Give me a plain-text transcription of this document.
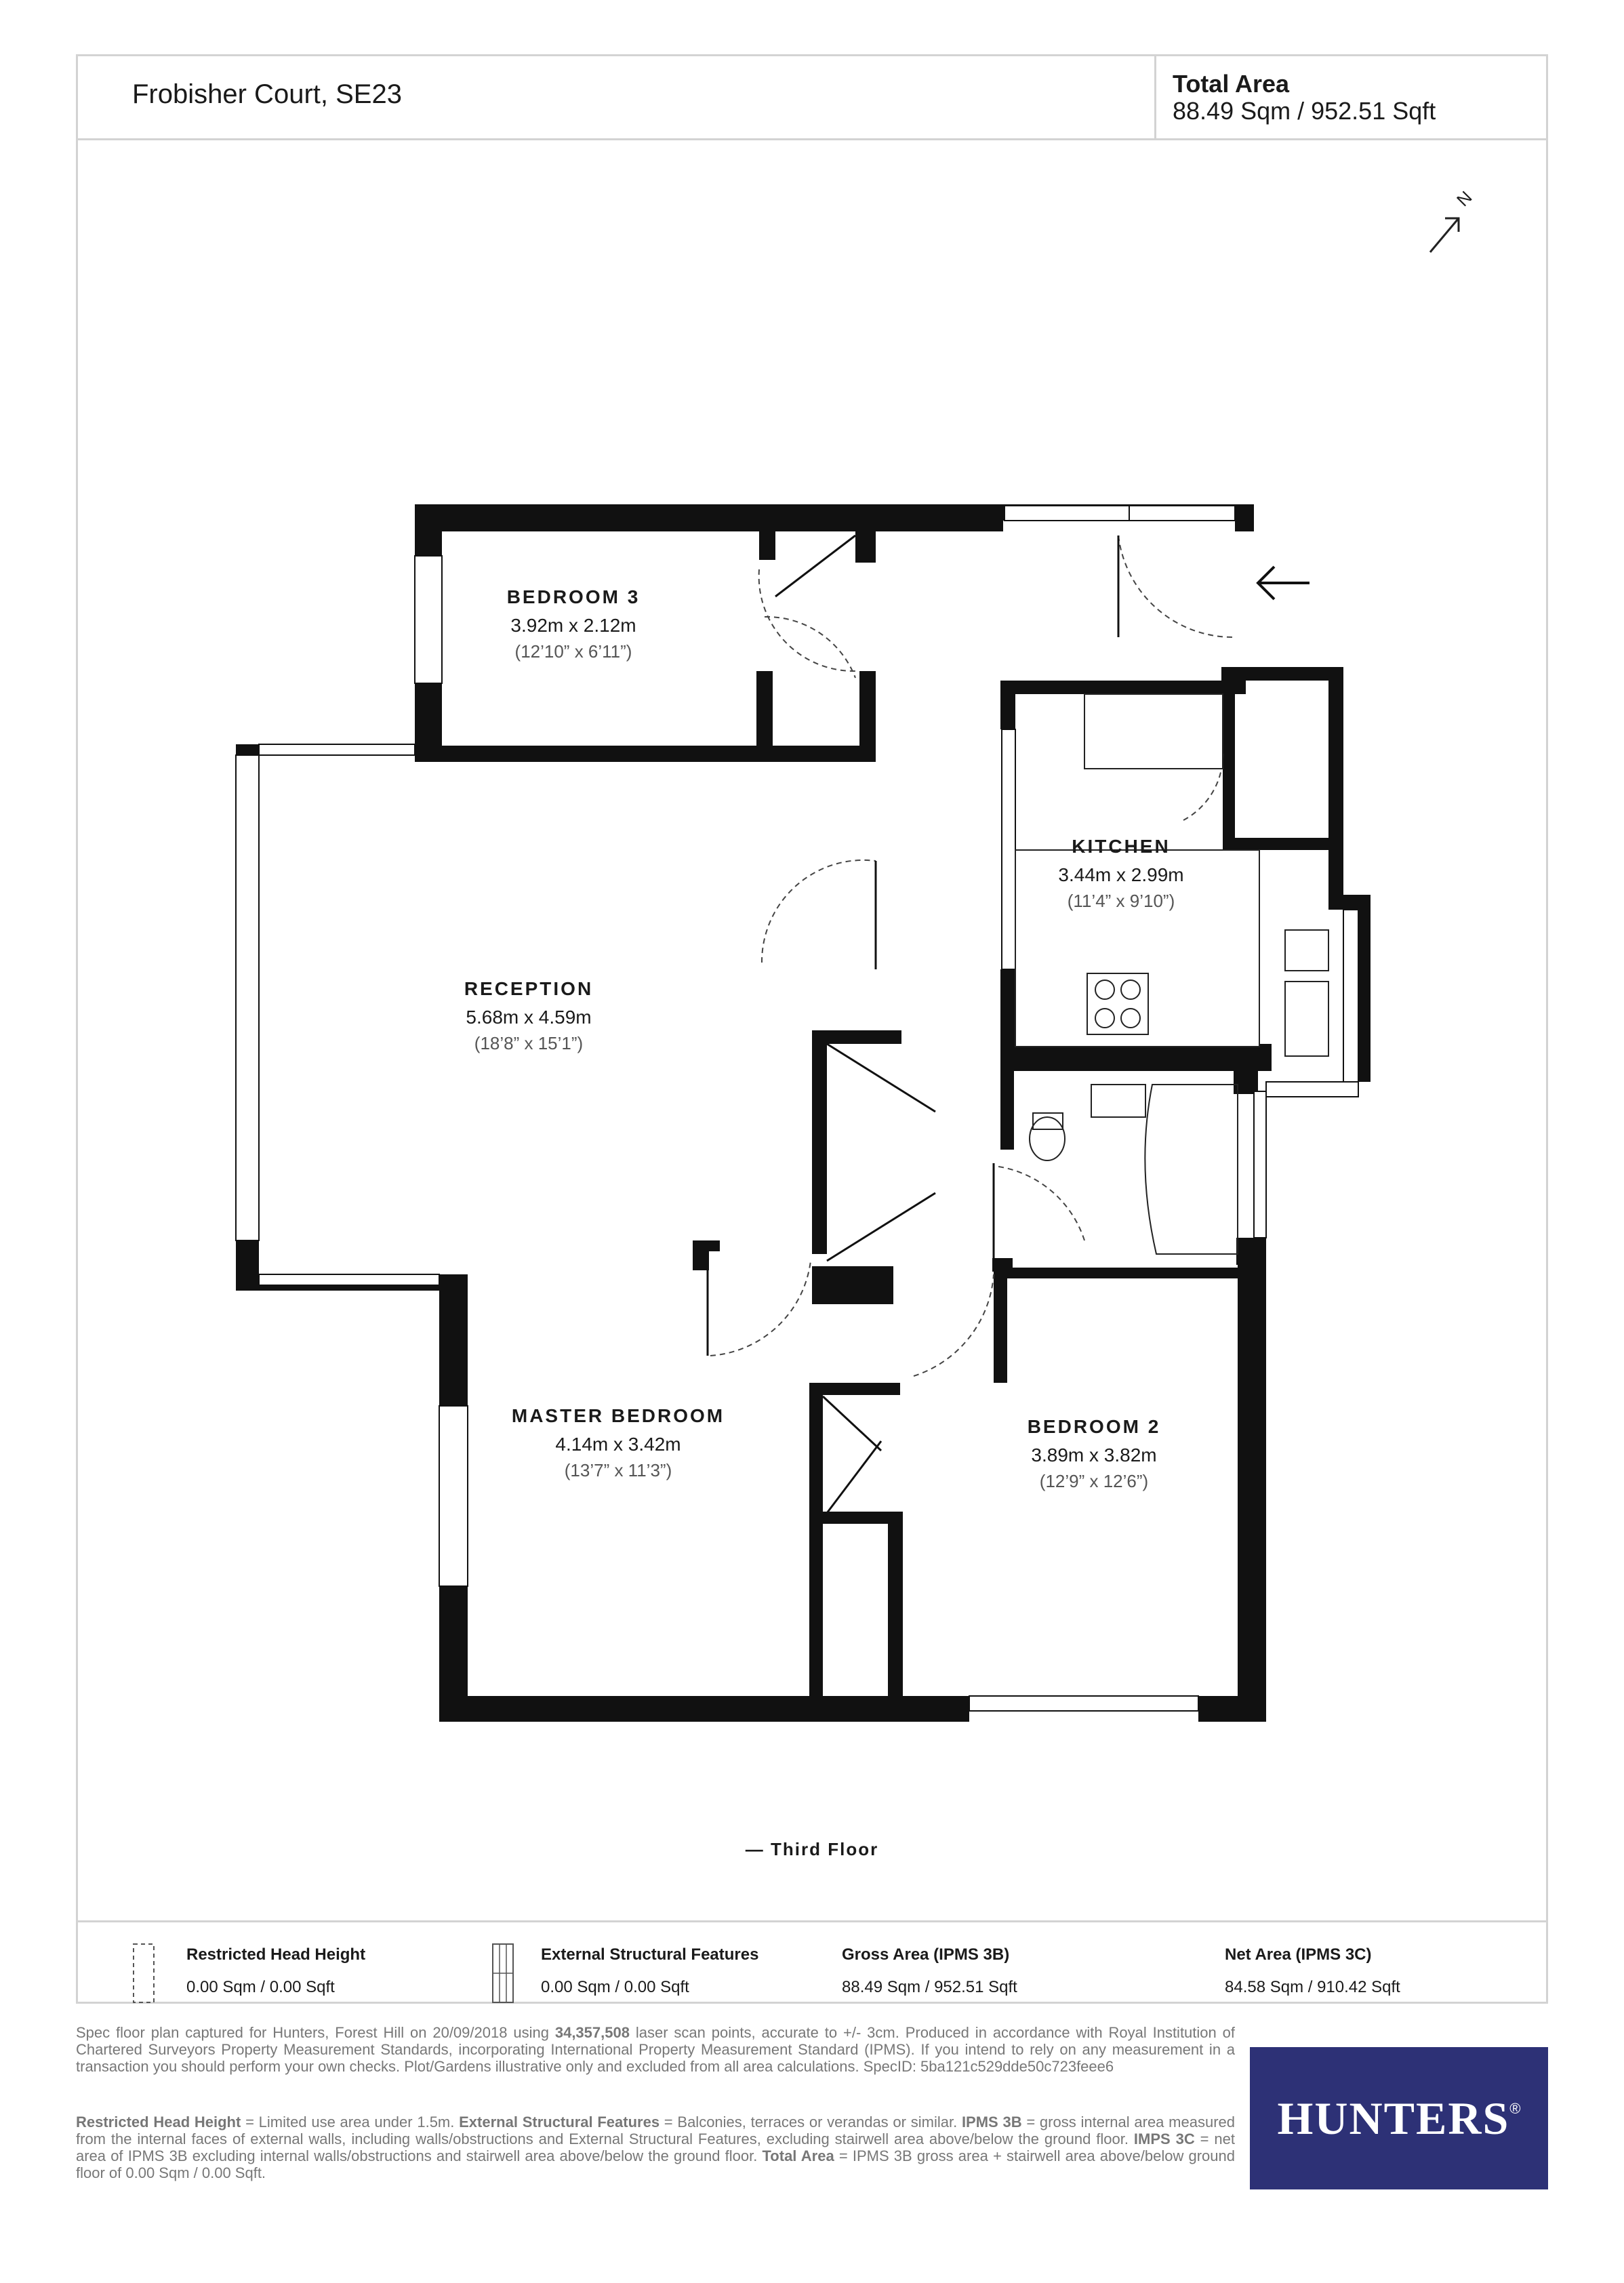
Frobisher Court, SE23	Total Area
88.49 Sqm / 952.51 Sqft
— Third Floor
Restricted Head Height
0.00 Sqm / 0.00 Sqft
External Structural Features
0.00 Sqm / 0.00 Sqft
Gross Area (IPMS 3B)
88.49 Sqm / 952.51 Sqft
Net Area (IPMS 3C)
84.58 Sqm / 910.42 Sqft
N
BEDROOM 3
3.92m x 2.12m
(12’10” x 6’11”)
KITCHEN
3.44m x 2.99m
(11’4” x 9’10”)
RECEPTION
5.68m x 4.59m
(18’8” x 15’1”)
MASTER BEDROOM
4.14m x 3.42m
(13’7” x 11’3”)
BEDROOM 2
3.89m x 3.82m
(12’9” x 12’6”)
Spec floor plan captured for Hunters, Forest Hill on 20/09/2018 using 34,357,508 laser scan points, accurate to +/- 3cm. Produced in accordance with Royal Institution of Chartered Surveyors Property Measurement Standards, incorporating International Property Measurement Standard (IPMS). If you intend to rely on any measurement in a transaction you should perform your own checks. Plot/Gardens illustrative only and excluded from all area calculations. SpecID: 5ba121c529dde50c723feee6
Restricted Head Height = Limited use area under 1.5m. External Structural Features = Balconies, terraces or verandas or similar. IPMS 3B = gross internal area measured from the internal faces of external walls, including walls/obstructions and External Structural Features, excluding stairwell area above/below the ground floor. IMPS 3C = net area of IPMS 3B excluding internal walls/obstructions and stairwell area above/below the ground floor. Total Area = IPMS 3B gross area + stairwell area above/below ground floor of 0.00 Sqm / 0.00 Sqft.
HUNTERS ®
